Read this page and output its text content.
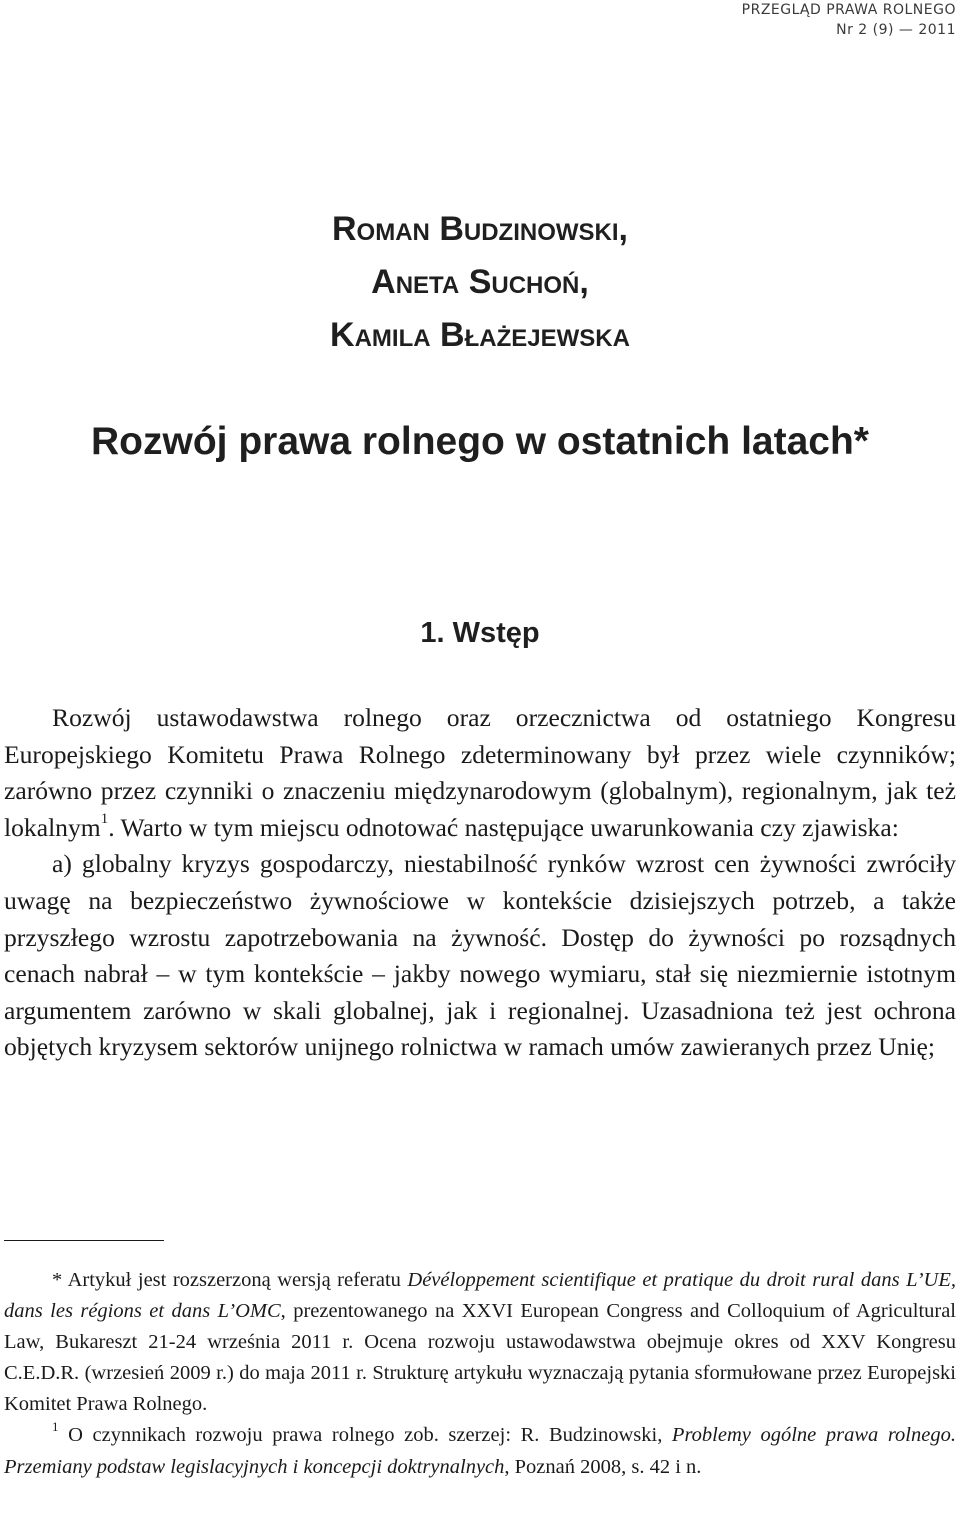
PRZEGLĄD PRAWA ROLNEGO
Nr 2 (9) — 2011
Roman Budzinowski,
Aneta Suchoń,
Kamila Błażejewska
Rozwój prawa rolnego w ostatnich latach*
1. Wstęp

Rozwój ustawodawstwa rolnego oraz orzecznictwa od ostatniego Kongresu Europejskiego Komitetu Prawa Rolnego zdeterminowany był przez wiele czynników; zarówno przez czynniki o znaczeniu międzynarodowym (globalnym), regionalnym, jak też lokalnym$^1$. Warto w tym miejscu odnotować następujące uwarunkowania czy zjawiska:

a) globalny kryzys gospodarczy, niestabilność rynków wzrost cen żywności zwróciły uwagę na bezpieczeństwo żywnościowe w kontekście dzisiejszych potrzeb, a także przyszłego wzrostu zapotrzebowania na żywność. Dostęp do żywności po rozsądnych cenach nabrał – w tym kontekście – jakby nowego wymiaru, stał się niezmiernie istotnym argumentem zarówno w skali globalnej, jak i regionalnej. Uzasadniona też jest ochrona objętych kryzysem sektorów unijnego rolnictwa w ramach umów zawieranych przez Unię;

* Artykuł jest rozszerzoną wersją referatu Dévéloppement scientifique et pratique du droit rural dans L’UE, dans les régions et dans L’OMC, prezentowanego na XXVI European Congress and Colloquium of Agricultural Law, Bukareszt 21-24 września 2011 r. Ocena rozwoju ustawodawstwa obejmuje okres od XXV Kongresu C.E.D.R. (wrzesień 2009 r.) do maja 2011 r. Strukturę artykułu wyznaczają pytania sformułowane przez Europejski Komitet Prawa Rolnego.

$^1$ O czynnikach rozwoju prawa rolnego zob. szerzej: R. Budzinowski, Problemy ogólne prawa rolnego. Przemiany podstaw legislacyjnych i koncepcji doktrynalnych, Poznań 2008, s. 42 i n.
